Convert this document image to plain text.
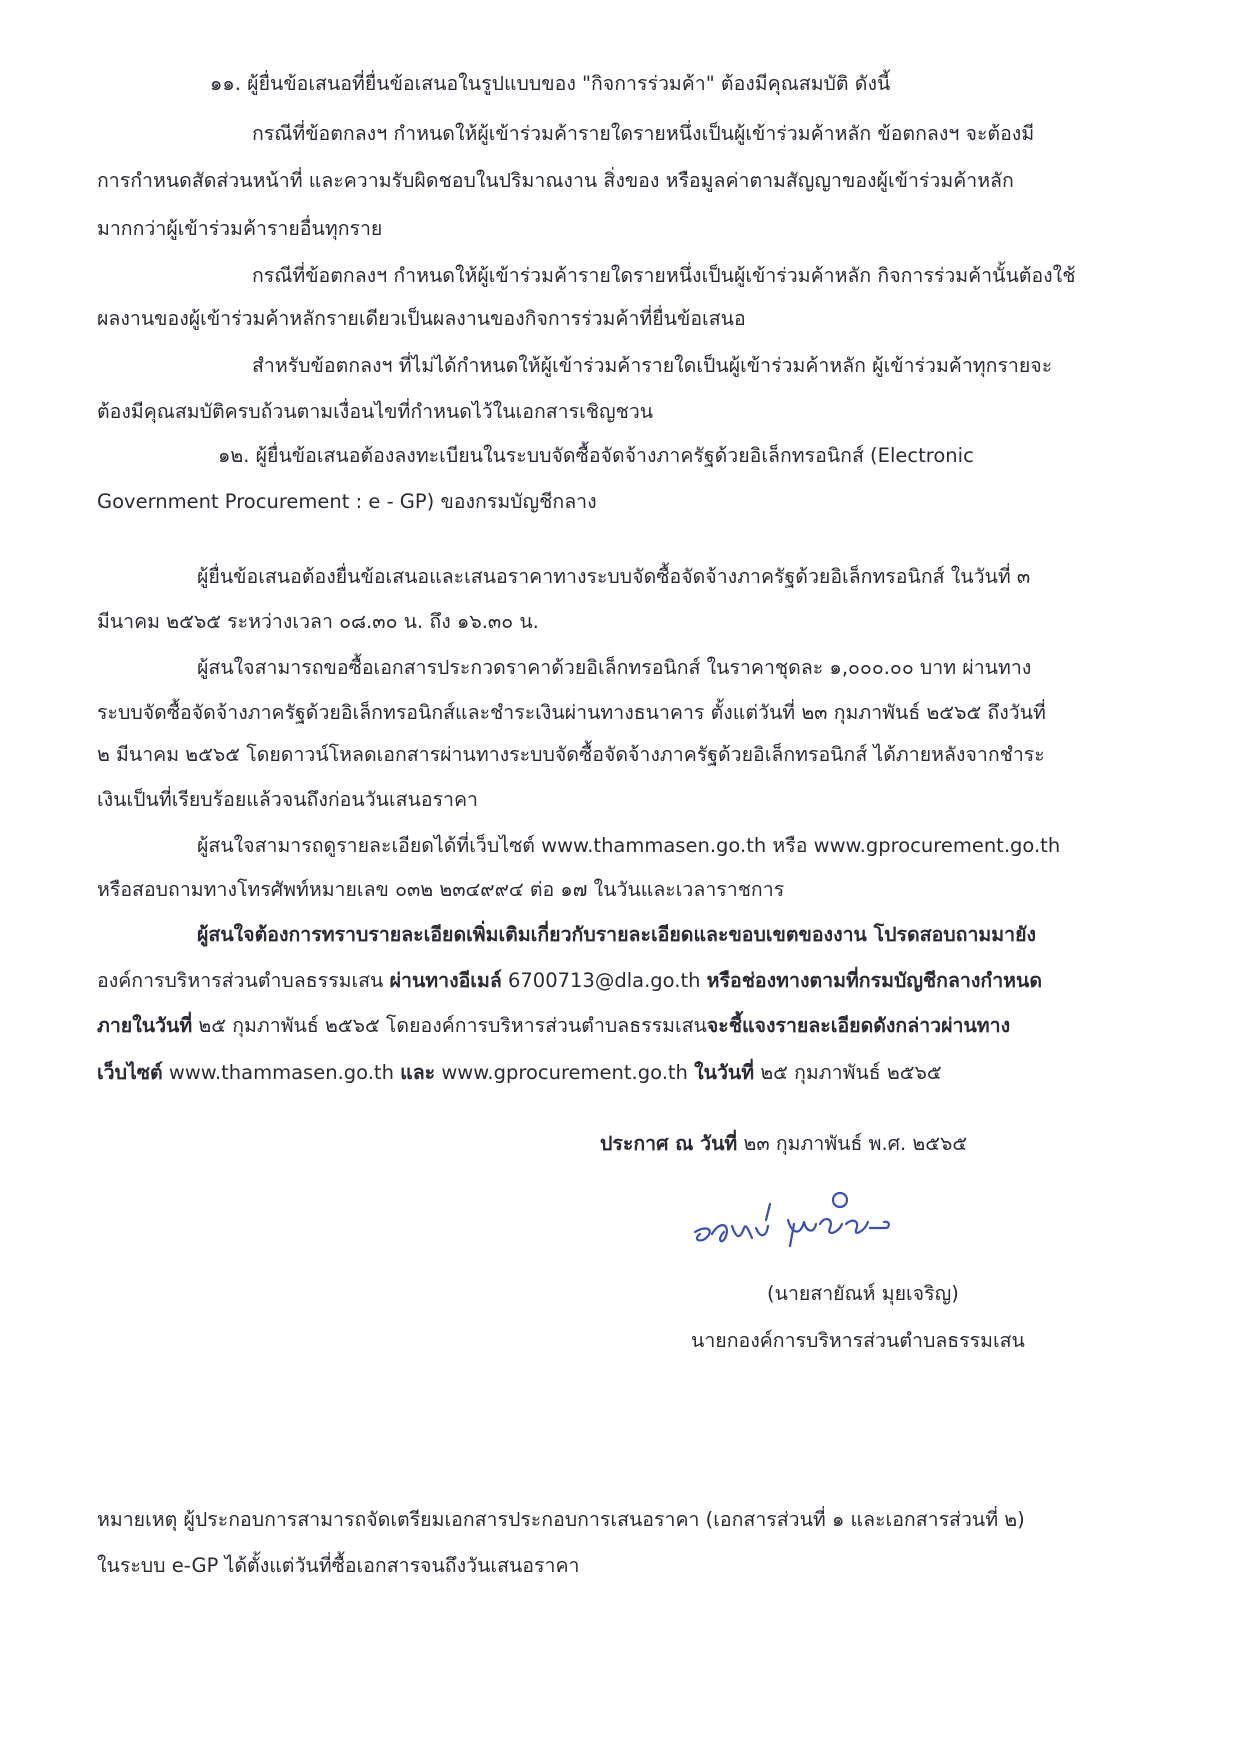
๑๑. ผู้ยื่นข้อเสนอที่ยื่นข้อเสนอในรูปแบบของ "กิจการร่วมค้า" ต้องมีคุณสมบัติ ดังนี้
กรณีที่ข้อตกลงฯ กำหนดให้ผู้เข้าร่วมค้ารายใดรายหนึ่งเป็นผู้เข้าร่วมค้าหลัก ข้อตกลงฯ จะต้องมี
การกำหนดสัดส่วนหน้าที่ และความรับผิดชอบในปริมาณงาน สิ่งของ หรือมูลค่าตามสัญญาของผู้เข้าร่วมค้าหลัก
มากกว่าผู้เข้าร่วมค้ารายอื่นทุกราย
กรณีที่ข้อตกลงฯ กำหนดให้ผู้เข้าร่วมค้ารายใดรายหนึ่งเป็นผู้เข้าร่วมค้าหลัก กิจการร่วมค้านั้นต้องใช้
ผลงานของผู้เข้าร่วมค้าหลักรายเดียวเป็นผลงานของกิจการร่วมค้าที่ยื่นข้อเสนอ
สำหรับข้อตกลงฯ ที่ไม่ได้กำหนดให้ผู้เข้าร่วมค้ารายใดเป็นผู้เข้าร่วมค้าหลัก ผู้เข้าร่วมค้าทุกรายจะ
ต้องมีคุณสมบัติครบถ้วนตามเงื่อนไขที่กำหนดไว้ในเอกสารเชิญชวน
๑๒. ผู้ยื่นข้อเสนอต้องลงทะเบียนในระบบจัดซื้อจัดจ้างภาครัฐด้วยอิเล็กทรอนิกส์ (Electronic
Government Procurement : e - GP) ของกรมบัญชีกลาง
ผู้ยื่นข้อเสนอต้องยื่นข้อเสนอและเสนอราคาทางระบบจัดซื้อจัดจ้างภาครัฐด้วยอิเล็กทรอนิกส์ ในวันที่ ๓
มีนาคม ๒๕๖๕ ระหว่างเวลา ๐๘.๓๐ น. ถึง ๑๖.๓๐ น.
ผู้สนใจสามารถขอซื้อเอกสารประกวดราคาด้วยอิเล็กทรอนิกส์ ในราคาชุดละ ๑,๐๐๐.๐๐ บาท ผ่านทาง
ระบบจัดซื้อจัดจ้างภาครัฐด้วยอิเล็กทรอนิกส์และชำระเงินผ่านทางธนาคาร ตั้งแต่วันที่ ๒๓ กุมภาพันธ์ ๒๕๖๕ ถึงวันที่
๒ มีนาคม ๒๕๖๕ โดยดาวน์โหลดเอกสารผ่านทางระบบจัดซื้อจัดจ้างภาครัฐด้วยอิเล็กทรอนิกส์ ได้ภายหลังจากชำระ
เงินเป็นที่เรียบร้อยแล้วจนถึงก่อนวันเสนอราคา
ผู้สนใจสามารถดูรายละเอียดได้ที่เว็บไซต์ www.thammasen.go.th หรือ www.gprocurement.go.th
หรือสอบถามทางโทรศัพท์หมายเลข ๐๓๒ ๒๓๔๙๙๔ ต่อ ๑๗ ในวันและเวลาราชการ
ผู้สนใจต้องการทราบรายละเอียดเพิ่มเติมเกี่ยวกับรายละเอียดและขอบเขตของงาน โปรดสอบถามมายัง
องค์การบริหารส่วนตำบลธรรมเสน ผ่านทางอีเมล์ 6700713@dla.go.th หรือช่องทางตามที่กรมบัญชีกลางกำหนด
ภายในวันที่ ๒๕ กุมภาพันธ์ ๒๕๖๕ โดยองค์การบริหารส่วนตำบลธรรมเสนจะชี้แจงรายละเอียดดังกล่าวผ่านทาง
เว็บไซต์ www.thammasen.go.th และ www.gprocurement.go.th ในวันที่ ๒๕ กุมภาพันธ์ ๒๕๖๕
ประกาศ ณ วันที่ ๒๓ กุมภาพันธ์ พ.ศ. ๒๕๖๕
(นายสายัณห์ มุยเจริญ)
นายกองค์การบริหารส่วนตำบลธรรมเสน
หมายเหตุ ผู้ประกอบการสามารถจัดเตรียมเอกสารประกอบการเสนอราคา (เอกสารส่วนที่ ๑ และเอกสารส่วนที่ ๒)
ในระบบ e-GP ได้ตั้งแต่วันที่ซื้อเอกสารจนถึงวันเสนอราคา
